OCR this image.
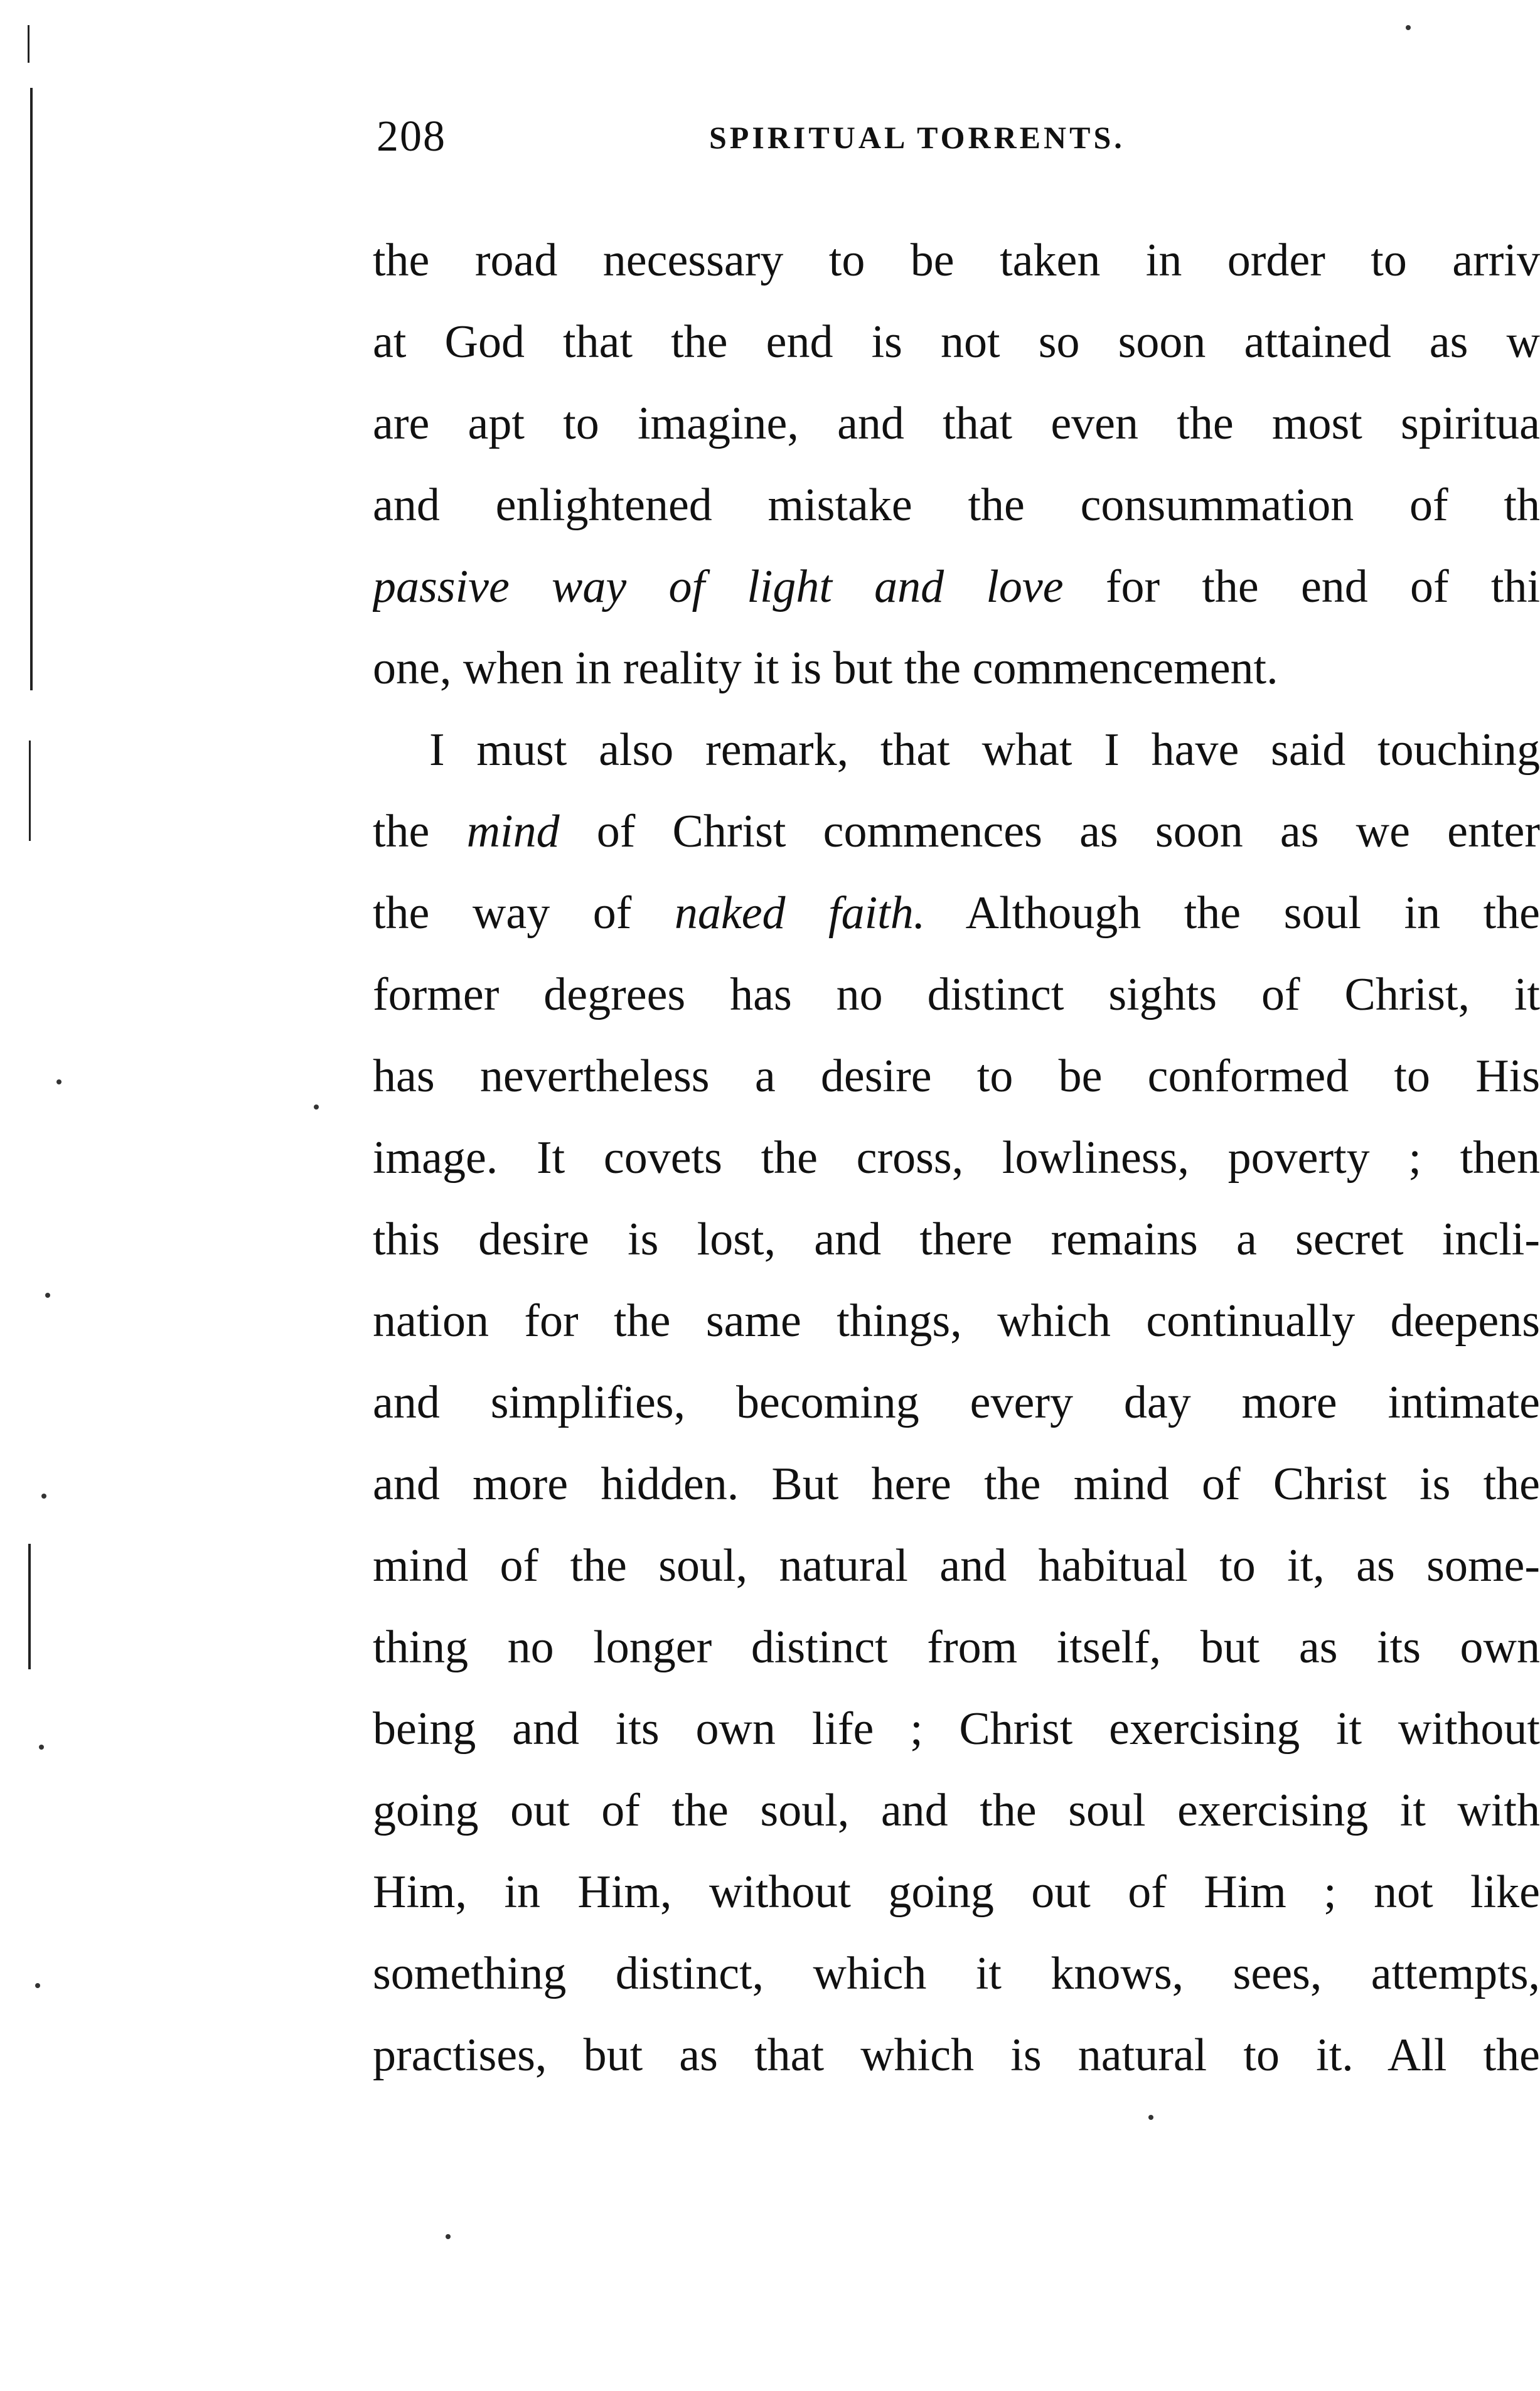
208	SPIRITUAL TORRENTS.
the road necessary to be taken in order to arriv
at God that the end is not so soon attained as w
are apt to imagine, and that even the most spiritua
and enlightened mistake the consummation of th
passive way of light and love for the end of thi
one, when in reality it is but the commencement.
I must also remark, that what I have said touching
the mind of Christ commences as soon as we enter
the way of naked faith. Although the soul in the
former degrees has no distinct sights of Christ, it
has nevertheless a desire to be conformed to His
image. It covets the cross, lowliness, poverty ; then
this desire is lost, and there remains a secret incli-
nation for the same things, which continually deepens
and simplifies, becoming every day more intimate
and more hidden. But here the mind of Christ is the
mind of the soul, natural and habitual to it, as some-
thing no longer distinct from itself, but as its own
being and its own life ; Christ exercising it without
going out of the soul, and the soul exercising it with
Him, in Him, without going out of Him ; not like
something distinct, which it knows, sees, attempts,
practises, but as that which is natural to it. All the
